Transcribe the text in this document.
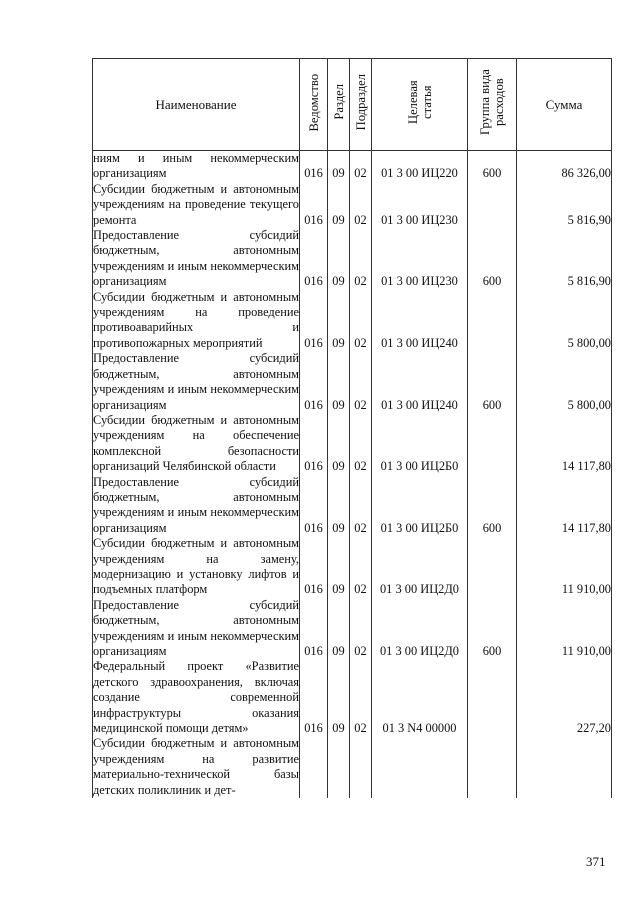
Наименование	Ведомство	Раздел	Подраздел	Целевая статья	Группа вида расходов	Сумма
ниям и иным некоммерческим организациям	016	09	02	01 3 00 ИЦ220	600	86 326,00
Субсидии бюджетным и автономным учреждениям на проведение текущего ремонта	016	09	02	01 3 00 ИЦ230		5 816,90
Предоставление субсидий бюджетным, автономным учреждениям и иным некоммерческим организациям	016	09	02	01 3 00 ИЦ230	600	5 816,90
Субсидии бюджетным и автономным учреждениям на проведение противоаварийных и противопожарных мероприятий	016	09	02	01 3 00 ИЦ240		5 800,00
Предоставление субсидий бюджетным, автономным учреждениям и иным некоммерческим организациям	016	09	02	01 3 00 ИЦ240	600	5 800,00
Субсидии бюджетным и автономным учреждениям на обеспечение комплексной безопасности организаций Челябинской области	016	09	02	01 3 00 ИЦ2Б0		14 117,80
Предоставление субсидий бюджетным, автономным учреждениям и иным некоммерческим организациям	016	09	02	01 3 00 ИЦ2Б0	600	14 117,80
Субсидии бюджетным и автономным учреждениям на замену, модернизацию и установку лифтов и подъемных платформ	016	09	02	01 3 00 ИЦ2Д0		11 910,00
Предоставление субсидий бюджетным, автономным учреждениям и иным некоммерческим организациям	016	09	02	01 3 00 ИЦ2Д0	600	11 910,00
Федеральный проект «Развитие детского здравоохранения, включая создание современной инфраструктуры оказания медицинской помощи детям»	016	09	02	01 3 N4 00000		227,20
Субсидии бюджетным и автономным учреждениям на развитие материально-технической базы детских поликлиник и дет-						
371
